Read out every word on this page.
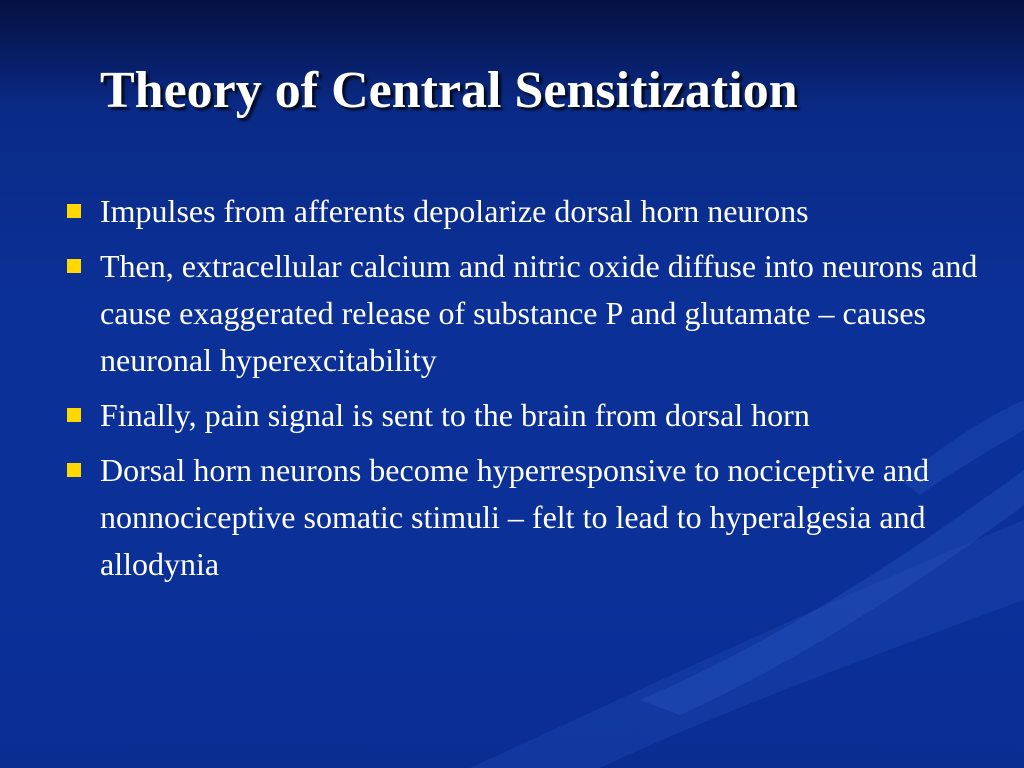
Theory of Central Sensitization
Impulses from afferents depolarize dorsal horn neurons
Then, extracellular calcium and nitric oxide diffuse into neurons and cause exaggerated release of substance P and glutamate – causes neuronal hyperexcitability
Finally, pain signal is sent to the brain from dorsal horn
Dorsal horn neurons become hyperresponsive to nociceptive and nonnociceptive somatic stimuli – felt to lead to hyperalgesia and allodynia
